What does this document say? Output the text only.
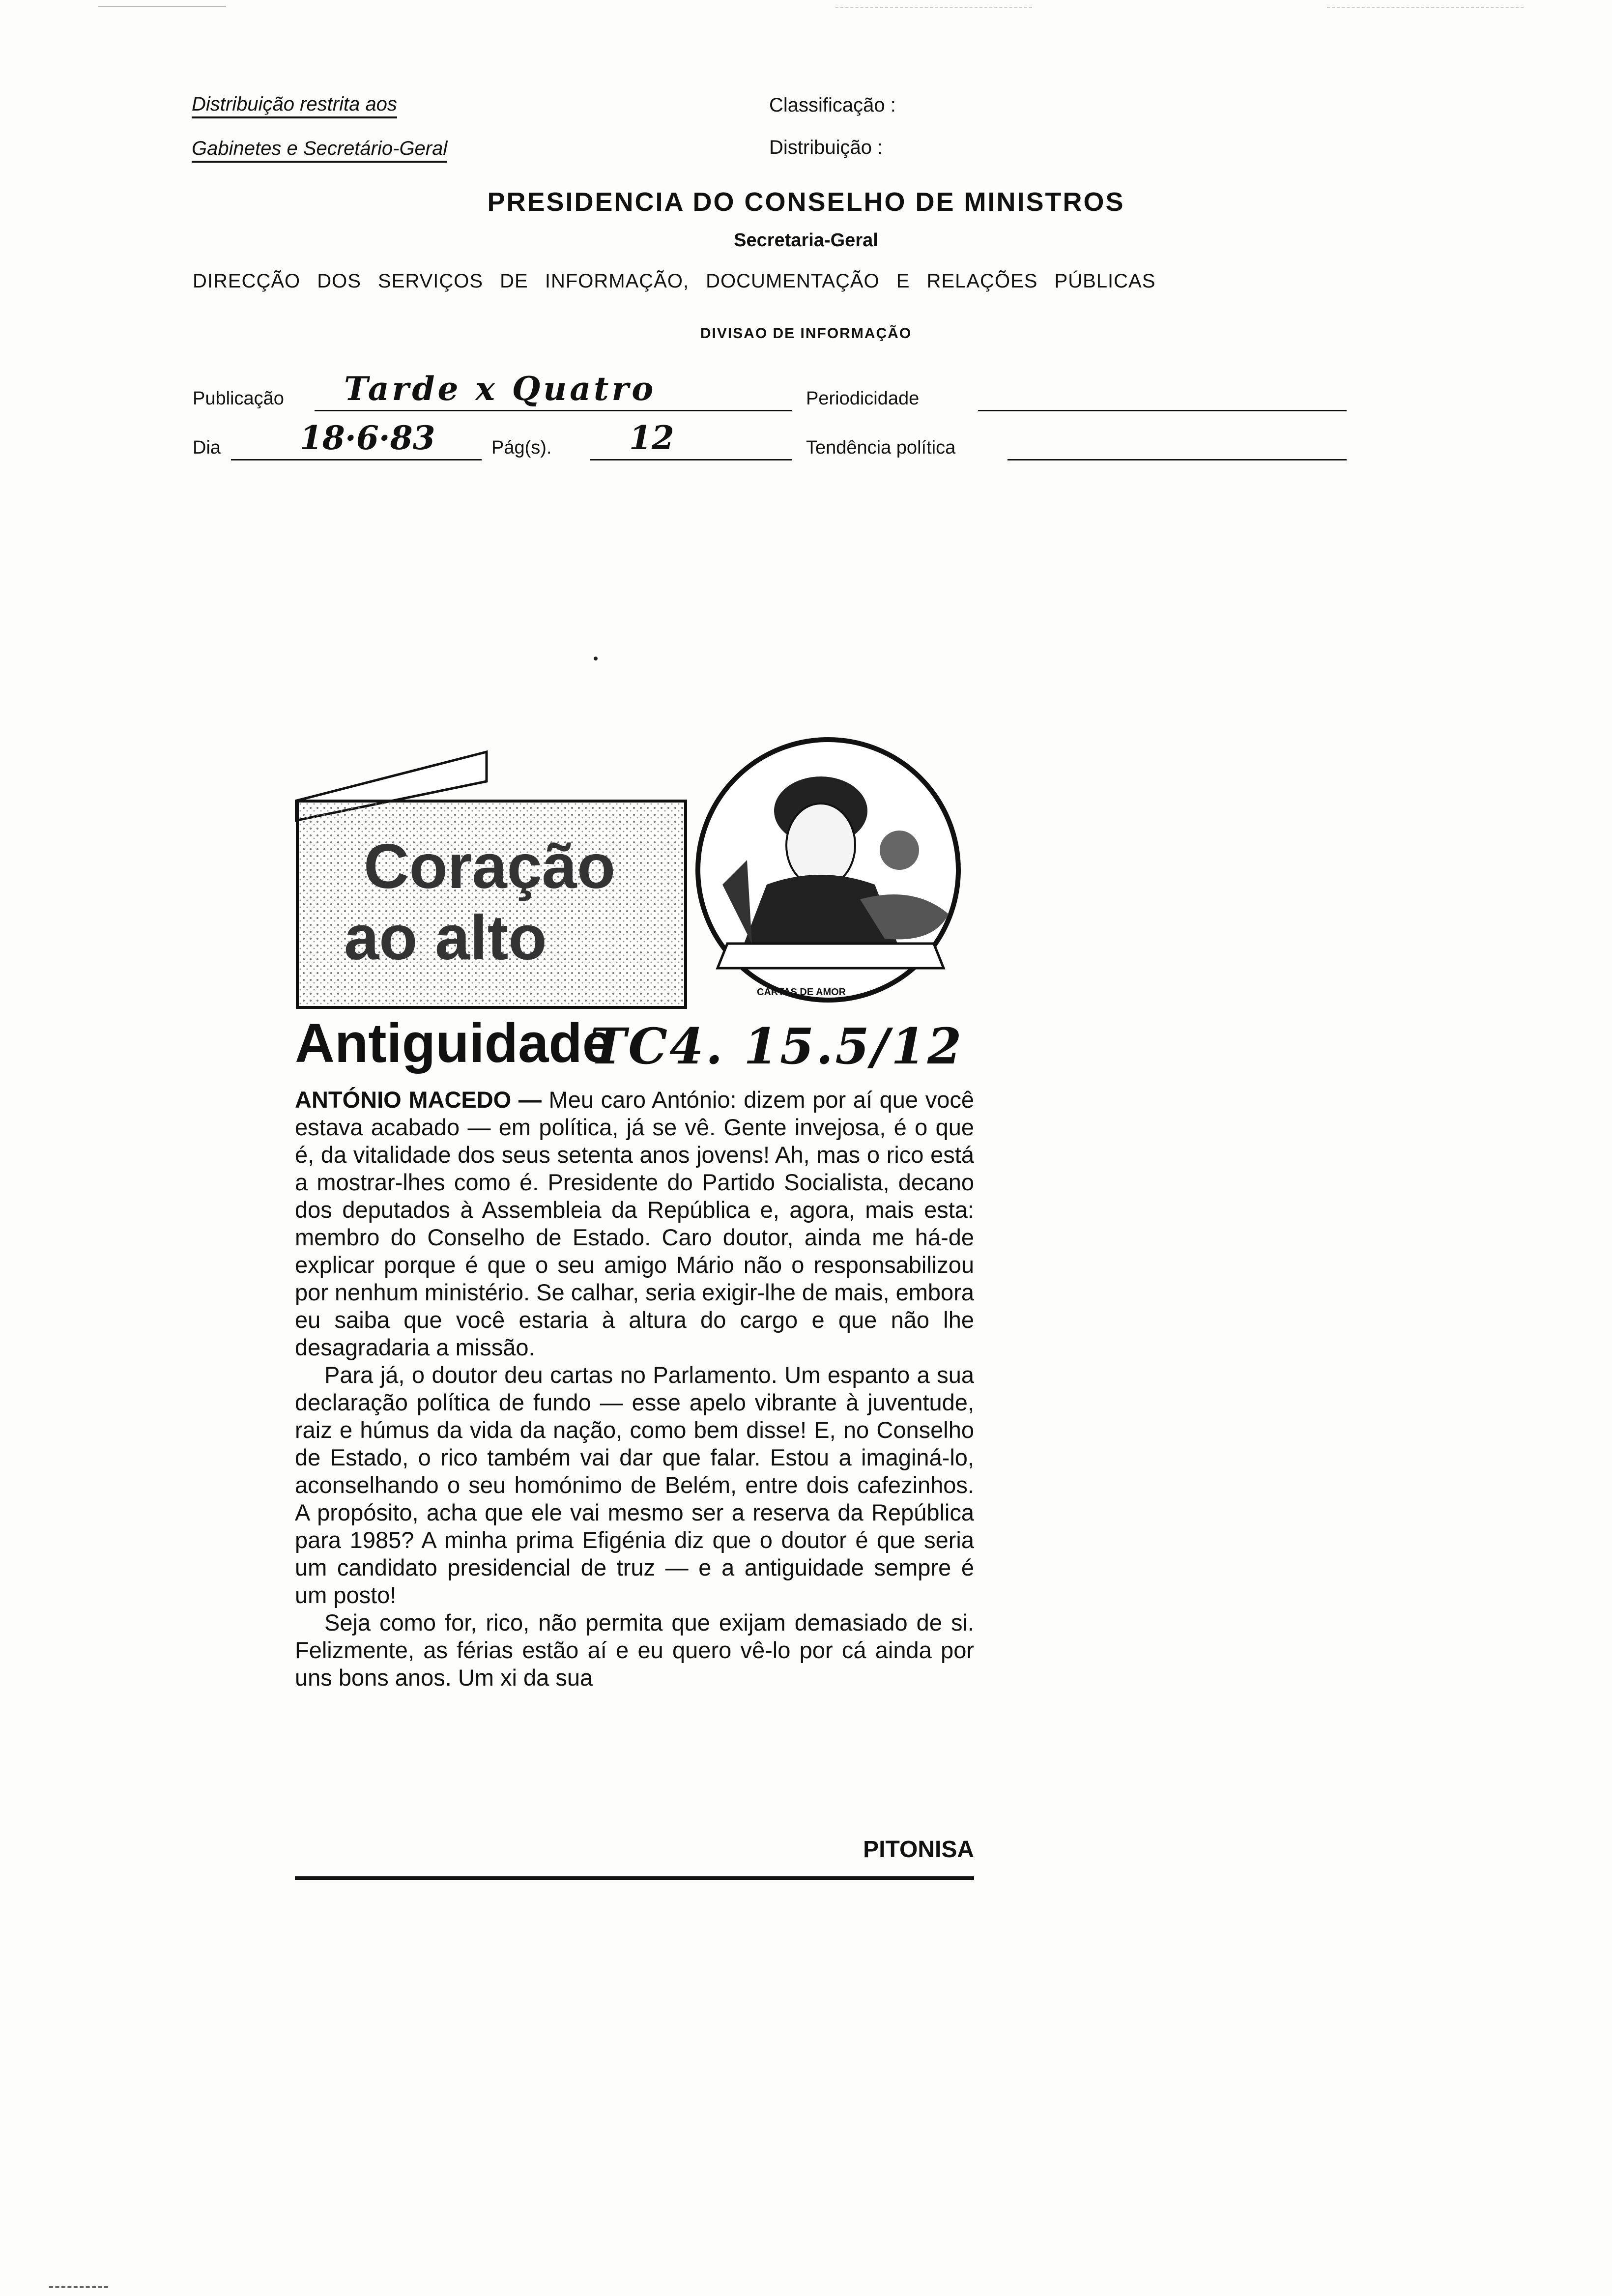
Distribuição restrita aos
Gabinetes e Secretário-Geral
Classificação :
Distribuição :
PRESIDENCIA DO CONSELHO DE MINISTROS
Secretaria-Geral
DIRECÇÃO DOS SERVIÇOS DE INFORMAÇÃO, DOCUMENTAÇÃO E RELAÇÕES PÚBLICAS
DIVISAO DE INFORMAÇÃO
Publicação Tarde x Quatro	Periodicidade
Dia 18·6·83	Pág(s). 12	Tendência política
Coração
ao alto
CARTAS DE AMOR
Antiguidade
TC4. 15.5/12

ANTÓNIO MACEDO — Meu caro António: dizem por aí que você estava acabado — em política, já se vê. Gente invejosa, é o que é, da vitalidade dos seus setenta anos jovens! Ah, mas o rico está a mostrar-lhes como é. Presidente do Partido Socialista, decano dos deputados à Assembleia da República e, agora, mais esta: membro do Conselho de Estado. Caro doutor, ainda me há-de explicar porque é que o seu amigo Mário não o responsabilizou por nenhum ministério. Se calhar, seria exigir-lhe de mais, embora eu saiba que você estaria à altura do cargo e que não lhe desagradaria a missão.

Para já, o doutor deu cartas no Parlamento. Um espanto a sua declaração política de fundo — esse apelo vibrante à juventude, raiz e húmus da vida da nação, como bem disse! E, no Conselho de Estado, o rico também vai dar que falar. Estou a imaginá-lo, aconselhando o seu homónimo de Belém, entre dois cafezinhos. A propósito, acha que ele vai mesmo ser a reserva da República para 1985? A minha prima Efigénia diz que o doutor é que seria um candidato presidencial de truz — e a antiguidade sempre é um posto!

Seja como for, rico, não permita que exijam demasiado de si. Felizmente, as férias estão aí e eu quero vê-lo por cá ainda por uns bons anos. Um xi da sua

PITONISA
